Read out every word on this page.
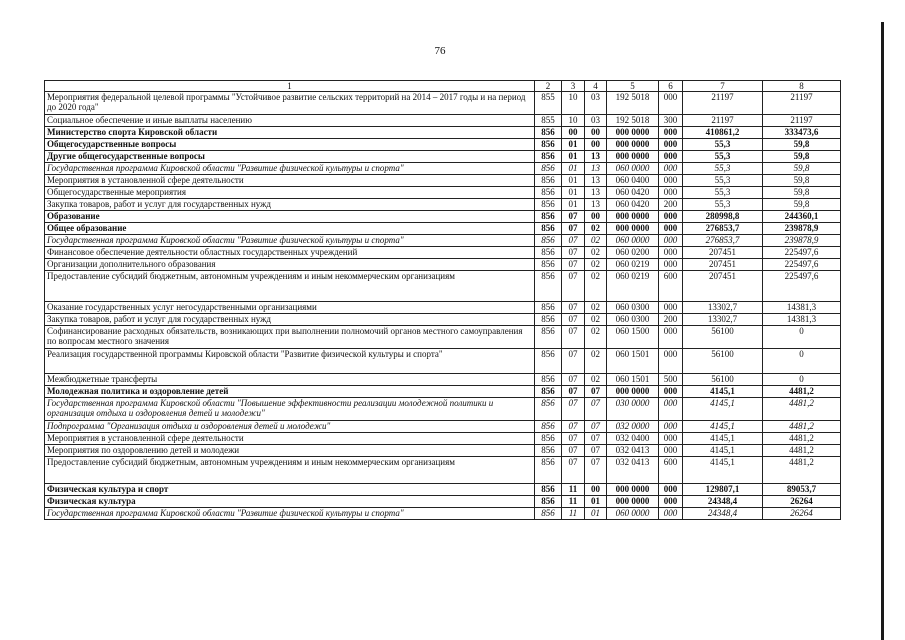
76
1	2	3	4	5	6	7	8
Мероприятия федеральной целевой программы "Устойчивое развитие сельских территорий на 2014 – 2017 годы и на период до 2020 года"	855	10	03	192 5018	000	21197	21197
Социальное обеспечение и иные выплаты населению	855	10	03	192 5018	300	21197	21197
Министерство спорта Кировской области	856	00	00	000 0000	000	410861,2	333473,6
Общегосударственные вопросы	856	01	00	000 0000	000	55,3	59,8
Другие общегосударственные вопросы	856	01	13	000 0000	000	55,3	59,8
Государственная программа Кировской области "Развитие физической культуры и спорта"	856	01	13	060 0000	000	55,3	59,8
Мероприятия в установленной сфере деятельности	856	01	13	060 0400	000	55,3	59,8
Общегосударственные мероприятия	856	01	13	060 0420	000	55,3	59,8
Закупка товаров, работ и услуг для государственных нужд	856	01	13	060 0420	200	55,3	59,8
Образование	856	07	00	000 0000	000	280998,8	244360,1
Общее образование	856	07	02	000 0000	000	276853,7	239878,9
Государственная программа Кировской области "Развитие физической культуры и спорта"	856	07	02	060 0000	000	276853,7	239878,9
Финансовое обеспечение деятельности областных государственных учреждений	856	07	02	060 0200	000	207451	225497,6
Организации дополнительного образования	856	07	02	060 0219	000	207451	225497,6
Предоставление субсидий бюджетным, автономным учреждениям и иным некоммерческим организациям	856	07	02	060 0219	600	207451	225497,6
Оказание государственных услуг негосударственными организациями	856	07	02	060 0300	000	13302,7	14381,3
Закупка товаров, работ и услуг для государственных нужд	856	07	02	060 0300	200	13302,7	14381,3
Софинансирование расходных обязательств, возникающих при выполнении полномочий органов местного самоуправления по вопросам местного значения	856	07	02	060 1500	000	56100	0
Реализация государственной программы Кировской области "Развитие физической культуры и спорта"	856	07	02	060 1501	000	56100	0
Межбюджетные трансферты	856	07	02	060 1501	500	56100	0
Молодежная политика и оздоровление детей	856	07	07	000 0000	000	4145,1	4481,2
Государственная программа Кировской области "Повышение эффективности реализации молодежной политики и организация отдыха и оздоровления детей и молодежи"	856	07	07	030 0000	000	4145,1	4481,2
Подпрограмма "Организация отдыха и оздоровления детей и молодежи"	856	07	07	032 0000	000	4145,1	4481,2
Мероприятия в установленной сфере деятельности	856	07	07	032 0400	000	4145,1	4481,2
Мероприятия по оздоровлению детей и молодежи	856	07	07	032 0413	000	4145,1	4481,2
Предоставление субсидий бюджетным, автономным учреждениям и иным некоммерческим организациям	856	07	07	032 0413	600	4145,1	4481,2
Физическая культура и спорт	856	11	00	000 0000	000	129807,1	89053,7
Физическая культура	856	11	01	000 0000	000	24348,4	26264
Государственная программа Кировской области "Развитие физической культуры и спорта"	856	11	01	060 0000	000	24348,4	26264
